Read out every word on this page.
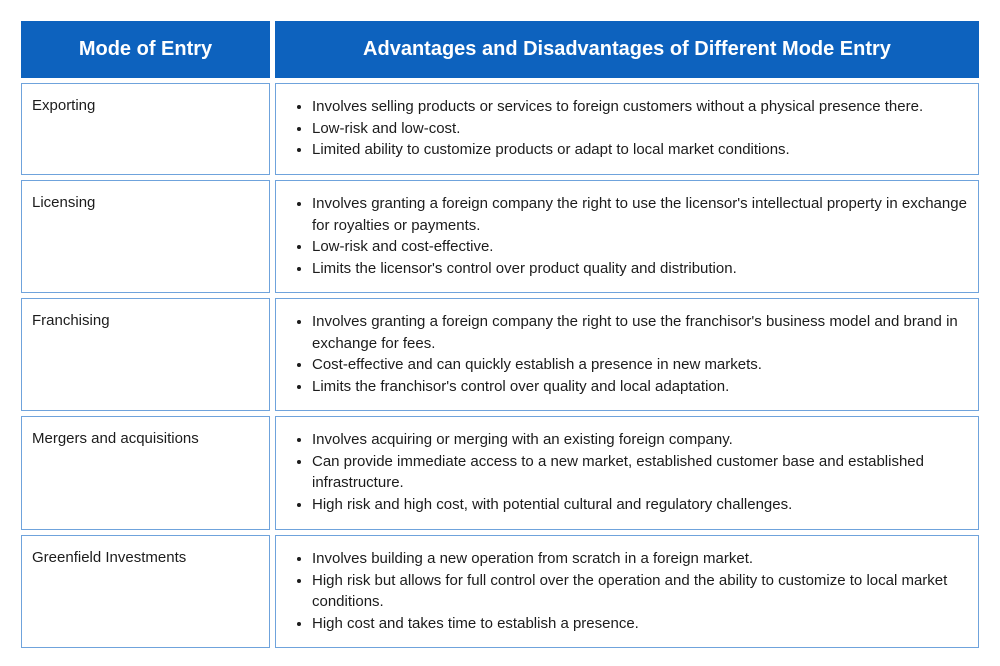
Mode of Entry	Advantages and Disadvantages of Different Mode Entry
Exporting	• Involves selling products or services to foreign customers without a physical presence there.
• Low-risk and low-cost.
• Limited ability to customize products or adapt to local market conditions.
Licensing	• Involves granting a foreign company the right to use the licensor's intellectual property in exchange for royalties or payments.
• Low-risk and cost-effective.
• Limits the licensor's control over product quality and distribution.
Franchising	• Involves granting a foreign company the right to use the franchisor's business model and brand in exchange for fees.
• Cost-effective and can quickly establish a presence in new markets.
• Limits the franchisor's control over quality and local adaptation.
Mergers and acquisitions	• Involves acquiring or merging with an existing foreign company.
• Can provide immediate access to a new market, established customer base and established infrastructure.
• High risk and high cost, with potential cultural and regulatory challenges.
Greenfield Investments	• Involves building a new operation from scratch in a foreign market.
• High risk but allows for full control over the operation and the ability to customize to local market conditions.
• High cost and takes time to establish a presence.
